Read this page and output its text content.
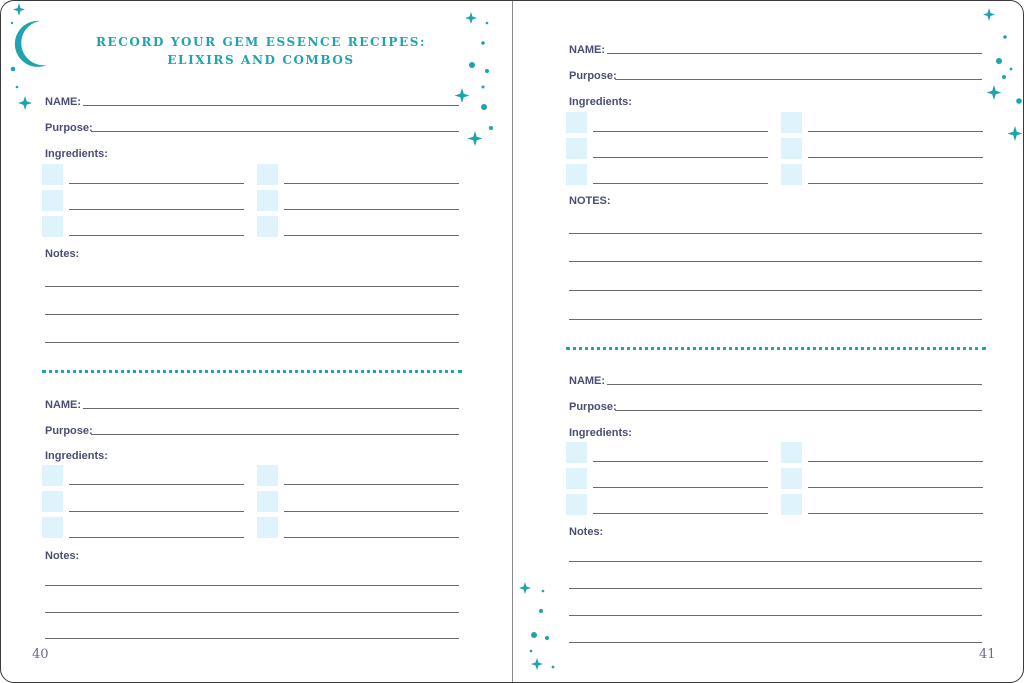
RECORD YOUR GEM ESSENCE RECIPES:
ELIXIRS AND COMBOS
NAME:
Purpose:
Ingredients:
Notes:
NAME:
Purpose:
Ingredients:
Notes:
40
NAME:
Purpose:
Ingredients:
NOTES:
NAME:
Purpose:
Ingredients:
Notes:
41
